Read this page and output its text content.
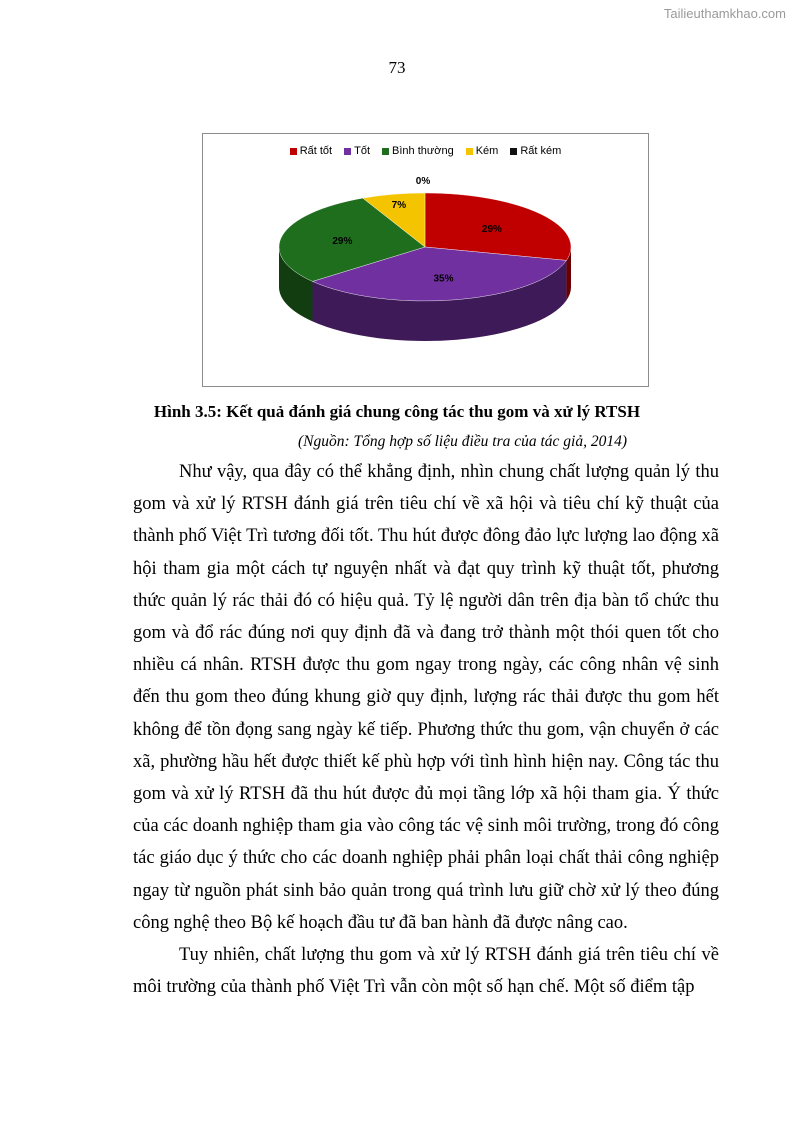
Tailieuthamkhao.com
73
Rất tốt Tốt Bình thường Kém Rất kém
29%
35%
29%
7%
0%
Hình 3.5: Kết quả đánh giá chung công tác thu gom và xử lý RTSH
(Nguồn: Tổng hợp số liệu điều tra của tác giả, 2014)

Như vậy, qua đây có thể khẳng định, nhìn chung chất lượng quản lý thu gom và xử lý RTSH đánh giá trên tiêu chí về xã hội và tiêu chí kỹ thuật của thành phố Việt Trì tương đối tốt. Thu hút được đông đảo lực lượng lao động xã hội tham gia một cách tự nguyện nhất và đạt quy trình kỹ thuật tốt, phương thức quản lý rác thải đó có hiệu quả. Tỷ lệ người dân trên địa bàn tổ chức thu gom và đổ rác đúng nơi quy định đã và đang trở thành một thói quen tốt cho nhiều cá nhân. RTSH được thu gom ngay trong ngày, các công nhân vệ sinh đến thu gom theo đúng khung giờ quy định, lượng rác thải được thu gom hết không để tồn đọng sang ngày kế tiếp. Phương thức thu gom, vận chuyển ở các xã, phường hầu hết được thiết kế phù hợp với tình hình hiện nay. Công tác thu gom và xử lý RTSH đã thu hút được đủ mọi tầng lớp xã hội tham gia. Ý thức của các doanh nghiệp tham gia vào công tác vệ sinh môi trường, trong đó công tác giáo dục ý thức cho các doanh nghiệp phải phân loại chất thải công nghiệp ngay từ nguồn phát sinh bảo quản trong quá trình lưu giữ chờ xử lý theo đúng công nghệ theo Bộ kế hoạch đầu tư đã ban hành đã được nâng cao.

Tuy nhiên, chất lượng thu gom và xử lý RTSH đánh giá trên tiêu chí về môi trường của thành phố Việt Trì vẫn còn một số hạn chế. Một số điểm tập
